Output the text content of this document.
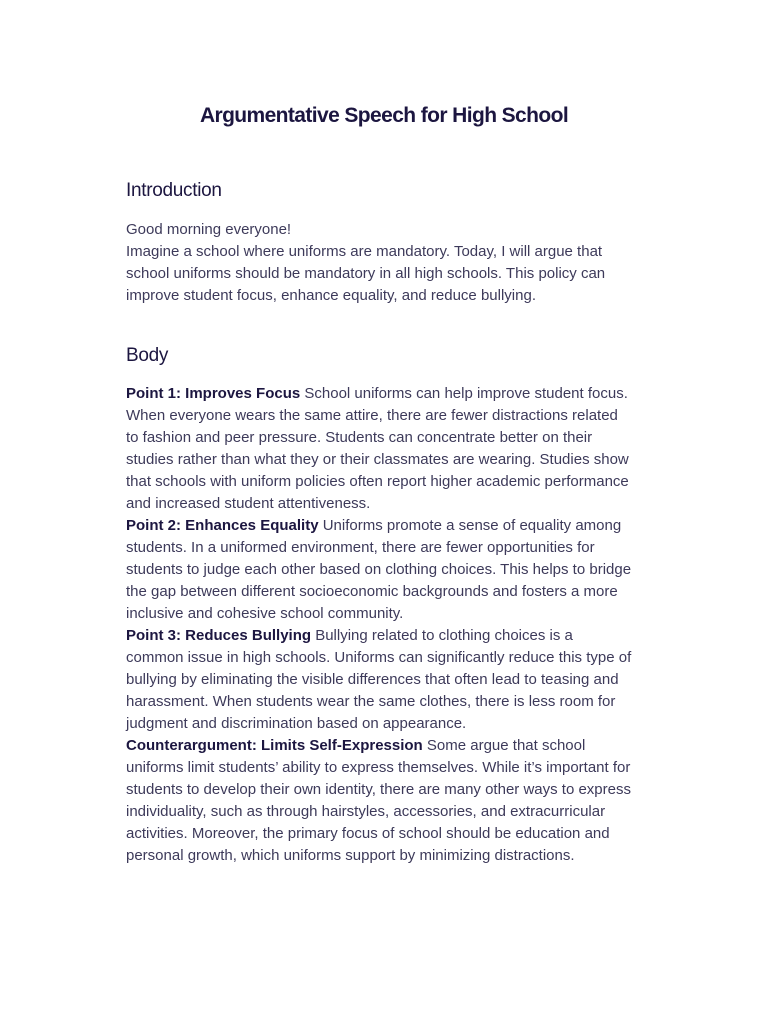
Argumentative Speech for High School
Introduction

Good morning everyone!

Imagine a school where uniforms are mandatory. Today, I will argue that school uniforms should be mandatory in all high schools. This policy can improve student focus, enhance equality, and reduce bullying.

Body

Point 1: Improves Focus School uniforms can help improve student focus. When everyone wears the same attire, there are fewer distractions related to fashion and peer pressure. Students can concentrate better on their studies rather than what they or their classmates are wearing. Studies show that schools with uniform policies often report higher academic performance and increased student attentiveness.

Point 2: Enhances Equality Uniforms promote a sense of equality among students. In a uniformed environment, there are fewer opportunities for students to judge each other based on clothing choices. This helps to bridge the gap between different socioeconomic backgrounds and fosters a more inclusive and cohesive school community.

Point 3: Reduces Bullying Bullying related to clothing choices is a common issue in high schools. Uniforms can significantly reduce this type of bullying by eliminating the visible differences that often lead to teasing and harassment. When students wear the same clothes, there is less room for judgment and discrimination based on appearance.

Counterargument: Limits Self-Expression Some argue that school uniforms limit students’ ability to express themselves. While it’s important for students to develop their own identity, there are many other ways to express individuality, such as through hairstyles, accessories, and extracurricular activities. Moreover, the primary focus of school should be education and personal growth, which uniforms support by minimizing distractions.
